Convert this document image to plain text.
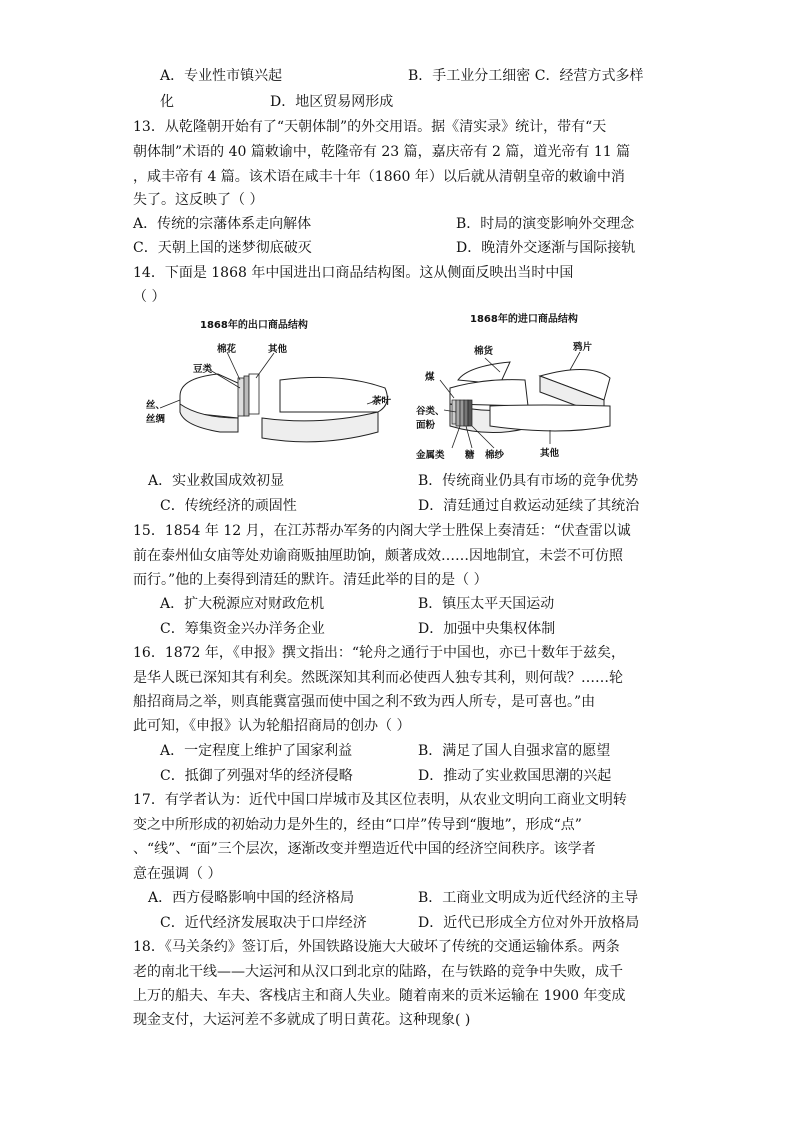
A．专业性市镇兴起	B．手工业分工细密 C．经营方式多样
化	D．地区贸易网形成
13．从乾隆朝开始有了“天朝体制”的外交用语。据《清实录》统计，带有“天
朝体制”术语的 40 篇敕谕中，乾隆帝有 23 篇，嘉庆帝有 2 篇，道光帝有 11 篇
，咸丰帝有 4 篇。该术语在咸丰十年（1860 年）以后就从清朝皇帝的敕谕中消
失了。这反映了（ ）
A．传统的宗藩体系走向解体	B．时局的演变影响外交理念
C．天朝上国的迷梦彻底破灭	D．晚清外交逐渐与国际接轨
14．下面是 1868 年中国进出口商品结构图。这从侧面反映出当时中国
（ ）
1868年的出口商品结构
棉花	其他
豆类
茶叶
丝、
丝绸
1868年的进口商品结构
棉货	鸦片
煤
谷类、
面粉
金属类 糖 棉纱	其他
A．实业救国成效初显	B．传统商业仍具有市场的竞争优势
C．传统经济的顽固性	D．清廷通过自救运动延续了其统治
15．1854 年 12 月，在江苏帮办军务的内阁大学士胜保上奏清廷：“伏查雷以诚
前在泰州仙女庙等处劝谕商贩抽厘助饷，颇著成效……因地制宜，未尝不可仿照
而行。”他的上奏得到清廷的默许。清廷此举的目的是（ ）
A．扩大税源应对财政危机	B．镇压太平天国运动
C．筹集资金兴办洋务企业	D．加强中央集权体制
16．1872 年，《申报》撰文指出：“轮舟之通行于中国也，亦已十数年于兹矣，
是华人既已深知其有利矣。然既深知其利而必使西人独专其利，则何哉？……轮
船招商局之举，则真能冀富强而使中国之利不致为西人所专，是可喜也。”由
此可知，《申报》认为轮船招商局的创办（ ）
A．一定程度上维护了国家利益	B．满足了国人自强求富的愿望
C．抵御了列强对华的经济侵略	D．推动了实业救国思潮的兴起
17．有学者认为：近代中国口岸城市及其区位表明，从农业文明向工商业文明转
变之中所形成的初始动力是外生的，经由“口岸”传导到“腹地”，形成“点”
、“线”、“面”三个层次，逐渐改变并塑造近代中国的经济空间秩序。该学者
意在强调（ ）
A．西方侵略影响中国的经济格局	B．工商业文明成为近代经济的主导
C．近代经济发展取决于口岸经济	D．近代已形成全方位对外开放格局
18．《马关条约》签订后，外国铁路设施大大破坏了传统的交通运输体系。两条
老的南北干线——大运河和从汉口到北京的陆路，在与铁路的竞争中失败，成千
上万的船夫、车夫、客栈店主和商人失业。随着南来的贡米运输在 1900 年变成
现金支付，大运河差不多就成了明日黄花。这种现象( )
